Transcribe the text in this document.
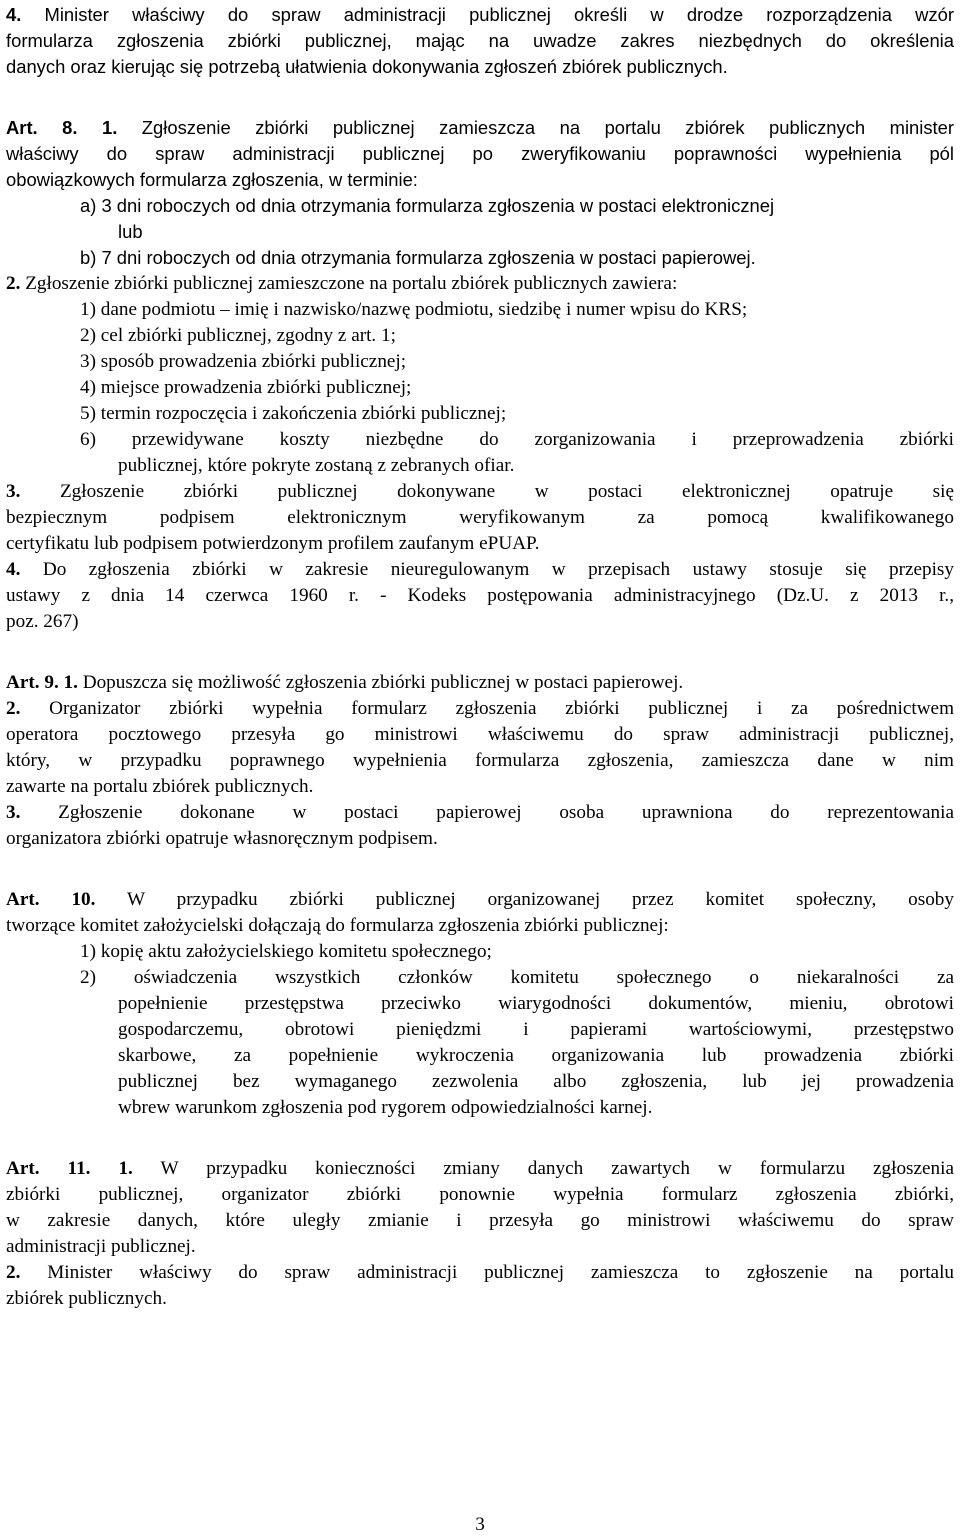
4. Minister właściwy do spraw administracji publicznej określi w drodze rozporządzenia wzór
formularza zgłoszenia zbiórki publicznej, mając na uwadze zakres niezbędnych do określenia
danych oraz kierując się potrzebą ułatwienia dokonywania zgłoszeń zbiórek publicznych.
Art. 8. 1. Zgłoszenie zbiórki publicznej zamieszcza na portalu zbiórek publicznych minister
właściwy do spraw administracji publicznej po zweryfikowaniu poprawności wypełnienia pól
obowiązkowych formularza zgłoszenia, w terminie:
a) 3 dni roboczych od dnia otrzymania formularza zgłoszenia w postaci elektronicznej
lub
b) 7 dni roboczych od dnia otrzymania formularza zgłoszenia w postaci papierowej.
2. Zgłoszenie zbiórki publicznej zamieszczone na portalu zbiórek publicznych zawiera:
1) dane podmiotu – imię i nazwisko/nazwę podmiotu, siedzibę i numer wpisu do KRS;
2) cel zbiórki publicznej, zgodny z art. 1;
3) sposób prowadzenia zbiórki publicznej;
4) miejsce prowadzenia zbiórki publicznej;
5) termin rozpoczęcia i zakończenia zbiórki publicznej;
6) przewidywane koszty niezbędne do zorganizowania i przeprowadzenia zbiórki
publicznej, które pokryte zostaną z zebranych ofiar.
3. Zgłoszenie zbiórki publicznej dokonywane w postaci elektronicznej opatruje się
bezpiecznym podpisem elektronicznym weryfikowanym za pomocą kwalifikowanego
certyfikatu lub podpisem potwierdzonym profilem zaufanym ePUAP.
4. Do zgłoszenia zbiórki w zakresie nieuregulowanym w przepisach ustawy stosuje się przepisy
ustawy z dnia 14 czerwca 1960 r. - Kodeks postępowania administracyjnego (Dz.U. z 2013 r.,
poz. 267)
Art. 9. 1. Dopuszcza się możliwość zgłoszenia zbiórki publicznej w postaci papierowej.
2. Organizator zbiórki wypełnia formularz zgłoszenia zbiórki publicznej i za pośrednictwem
operatora pocztowego przesyła go ministrowi właściwemu do spraw administracji publicznej,
który, w przypadku poprawnego wypełnienia formularza zgłoszenia, zamieszcza dane w nim
zawarte na portalu zbiórek publicznych.
3. Zgłoszenie dokonane w postaci papierowej osoba uprawniona do reprezentowania
organizatora zbiórki opatruje własnoręcznym podpisem.
Art. 10. W przypadku zbiórki publicznej organizowanej przez komitet społeczny, osoby
tworzące komitet założycielski dołączają do formularza zgłoszenia zbiórki publicznej:
1) kopię aktu założycielskiego komitetu społecznego;
2) oświadczenia wszystkich członków komitetu społecznego o niekaralności za
popełnienie przestępstwa przeciwko wiarygodności dokumentów, mieniu, obrotowi
gospodarczemu, obrotowi pieniędzmi i papierami wartościowymi, przestępstwo
skarbowe, za popełnienie wykroczenia organizowania lub prowadzenia zbiórki
publicznej bez wymaganego zezwolenia albo zgłoszenia, lub jej prowadzenia
wbrew warunkom zgłoszenia pod rygorem odpowiedzialności karnej.
Art. 11. 1. W przypadku konieczności zmiany danych zawartych w formularzu zgłoszenia
zbiórki publicznej, organizator zbiórki ponownie wypełnia formularz zgłoszenia zbiórki,
w zakresie danych, które uległy zmianie i przesyła go ministrowi właściwemu do spraw
administracji publicznej.
2. Minister właściwy do spraw administracji publicznej zamieszcza to zgłoszenie na portalu
zbiórek publicznych.
3
